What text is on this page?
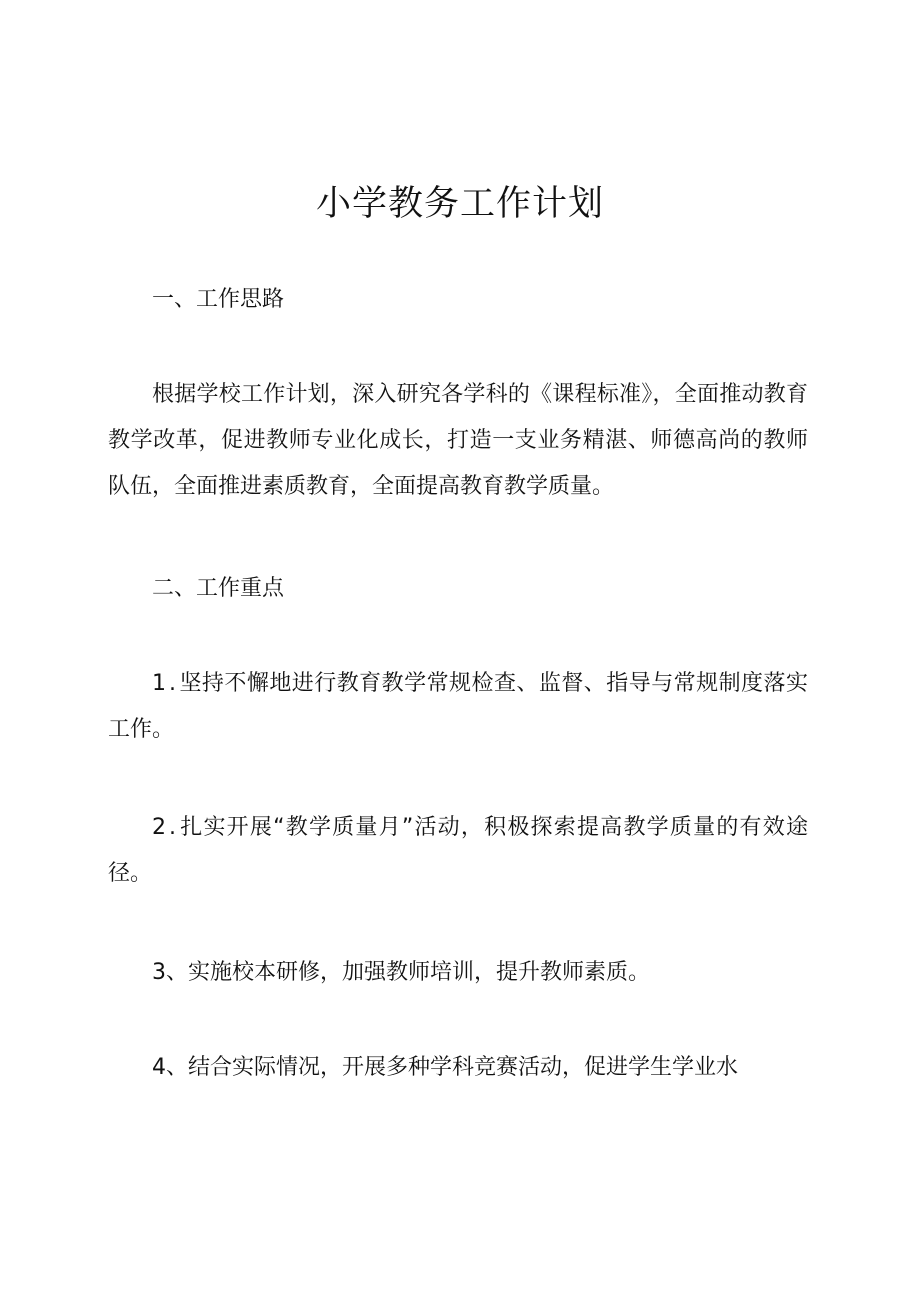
小学教务工作计划

一、工作思路

根据学校工作计划，深入研究各学科的《课程标准》，全面推动教育教学改革，促进教师专业化成长，打造一支业务精湛、师德高尚的教师队伍，全面推进素质教育，全面提高教育教学质量。

二、工作重点

1.坚持不懈地进行教育教学常规检查、监督、指导与常规制度落实工作。

2.扎实开展“教学质量月”活动，积极探索提高教学质量的有效途径。

3、实施校本研修，加强教师培训，提升教师素质。

4、结合实际情况，开展多种学科竞赛活动，促进学生学业水
